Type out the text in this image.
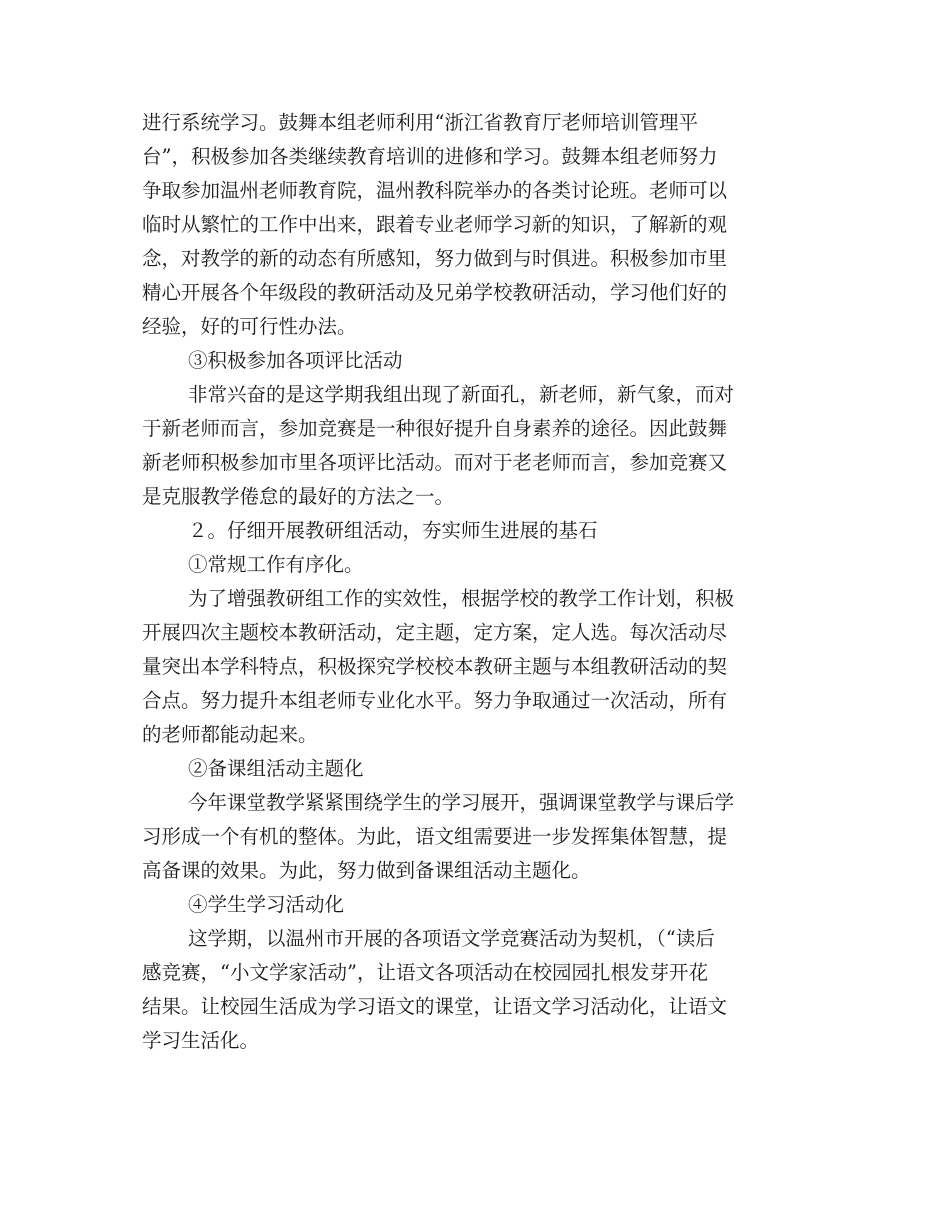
进行系统学习。鼓舞本组老师利用“浙江省教育厅老师培训管理平
台”，积极参加各类继续教育培训的进修和学习。鼓舞本组老师努力
争取参加温州老师教育院，温州教科院举办的各类讨论班。老师可以
临时从繁忙的工作中出来，跟着专业老师学习新的知识，了解新的观
念，对教学的新的动态有所感知，努力做到与时俱进。积极参加市里
精心开展各个年级段的教研活动及兄弟学校教研活动，学习他们好的
经验，好的可行性办法。
③积极参加各项评比活动
非常兴奋的是这学期我组出现了新面孔，新老师，新气象，而对
于新老师而言，参加竞赛是一种很好提升自身素养的途径。因此鼓舞
新老师积极参加市里各项评比活动。而对于老老师而言，参加竞赛又
是克服教学倦怠的最好的方法之一。
２。仔细开展教研组活动，夯实师生进展的基石
①常规工作有序化。
为了增强教研组工作的实效性，根据学校的教学工作计划，积极
开展四次主题校本教研活动，定主题，定方案，定人选。每次活动尽
量突出本学科特点，积极探究学校校本教研主题与本组教研活动的契
合点。努力提升本组老师专业化水平。努力争取通过一次活动，所有
的老师都能动起来。
②备课组活动主题化
今年课堂教学紧紧围绕学生的学习展开，强调课堂教学与课后学
习形成一个有机的整体。为此，语文组需要进一步发挥集体智慧，提
高备课的效果。为此，努力做到备课组活动主题化。
④学生学习活动化
这学期，以温州市开展的各项语文学竞赛活动为契机，（“读后
感竞赛，“小文学家活动”，让语文各项活动在校园园扎根发芽开花
结果。让校园生活成为学习语文的课堂，让语文学习活动化，让语文
学习生活化。
